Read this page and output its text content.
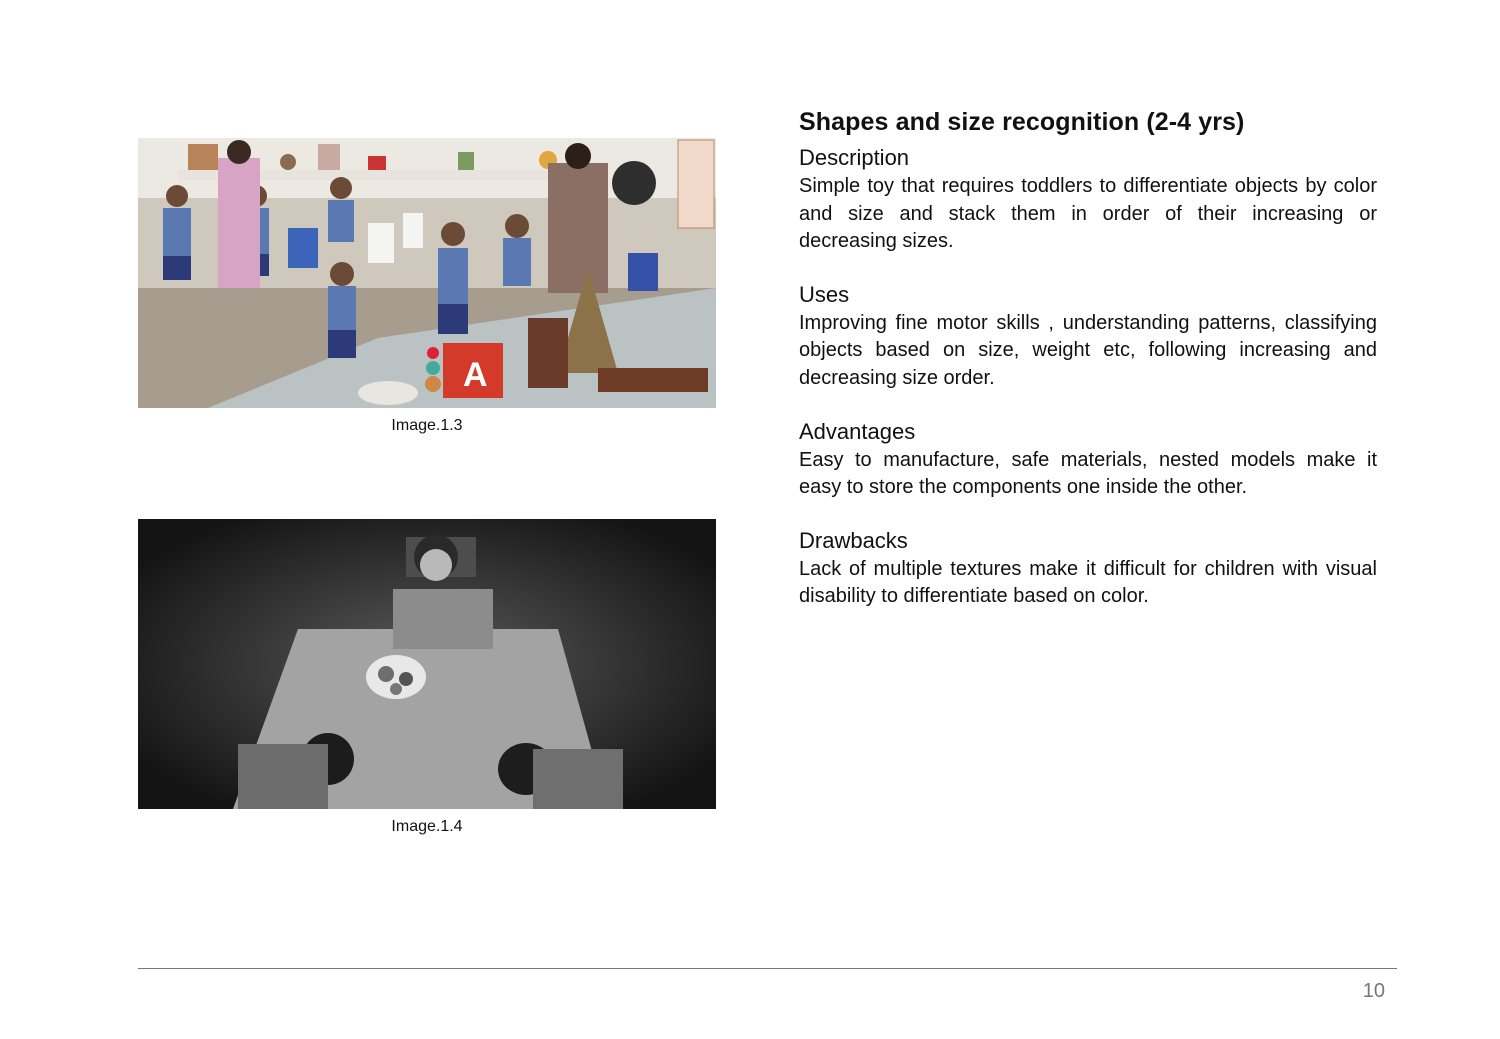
A
Image.1.3
Image.1.4
Shapes and size recognition (2-4 yrs)
Description

Simple toy that requires toddlers to differentiate objects by color and size and stack them in order of their increasing or decreasing sizes.

Uses

Improving fine motor skills , understanding patterns, classifying objects based on size, weight etc, following increasing and decreasing size order.

Advantages

Easy to manufacture, safe materials, nested models make it easy to store the components one inside the other.

Drawbacks

Lack of multiple textures make it difficult for children with visual disability to differentiate based on color.

10
